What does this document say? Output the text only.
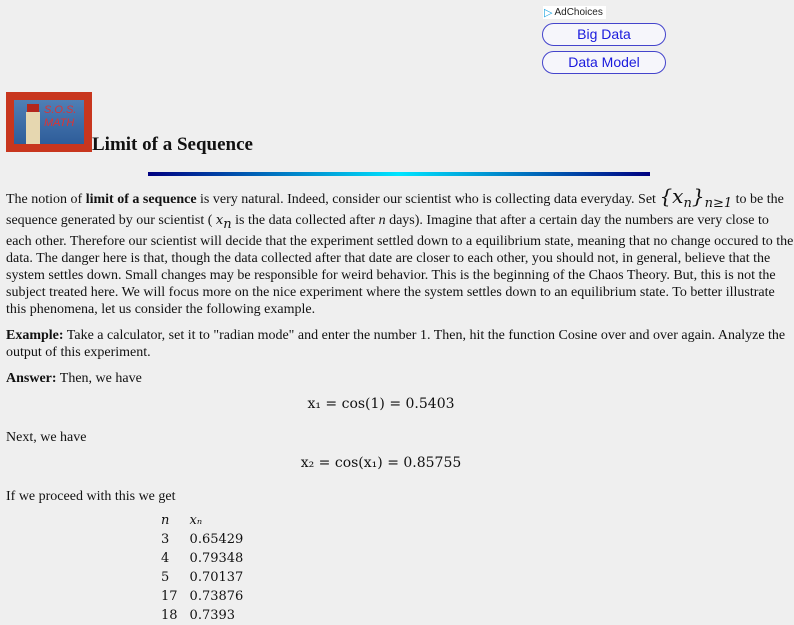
▷ AdChoices
Big Data
Data Model
S.O.S.
MATH
Limit of a Sequence

The notion of limit of a sequence is very natural. Indeed, consider our scientist who is collecting data everyday. Set $\{x_n\}_{n\ge 1}$ to be the sequence generated by our scientist ( $x_n$ is the data collected after n days). Imagine that after a certain day the numbers are very close to each other. Therefore our scientist will decide that the experiment settled down to a equilibrium state, meaning that no change occured to the data. The danger here is that, though the data collected after that date are closer to each other, you should not, in general, believe that the system settles down. Small changes may be responsible for weird behavior. This is the beginning of the Chaos Theory. But, this is not the subject treated here. We will focus more on the nice experiment where the system settles down to an equilibrium state. To better illustrate this phenomena, let us consider the following example.

Example: Take a calculator, set it to "radian mode" and enter the number 1. Then, hit the function Cosine over and over again. Analyze the output of this experiment.

Answer: Then, we have

x₁ = cos(1) = 0.5403

Next, we have

x₂ = cos(x₁) = 0.85755

If we proceed with this we get

n	xₙ
3	0.65429
4	0.79348
5	0.70137
17	0.73876
18	0.7393
